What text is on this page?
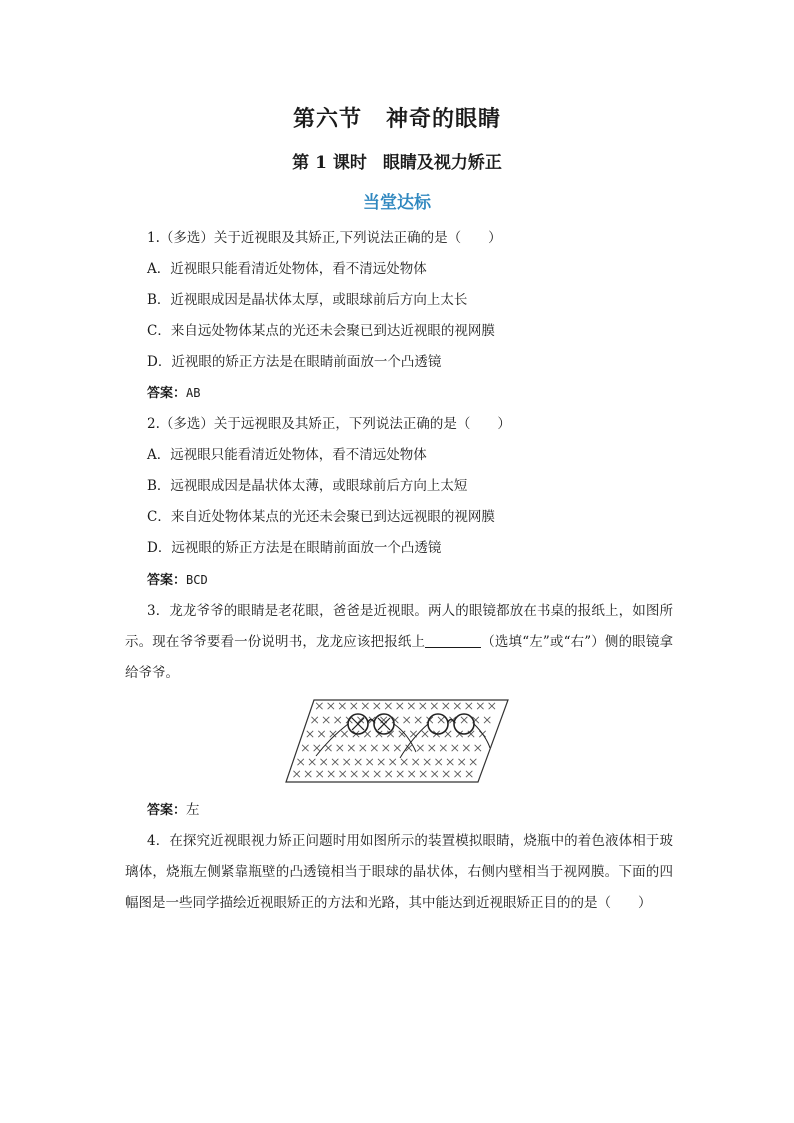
第六节 神奇的眼睛
第 1 课时 眼睛及视力矫正
当堂达标
1.（多选）关于近视眼及其矫正,下列说法正确的是（　　）
A．近视眼只能看清近处物体，看不清远处物体
B．近视眼成因是晶状体太厚，或眼球前后方向上太长
C．来自远处物体某点的光还未会聚已到达近视眼的视网膜
D．近视眼的矫正方法是在眼睛前面放一个凸透镜
答案：AB
2.（多选）关于远视眼及其矫正，下列说法正确的是（　　）
A．远视眼只能看清近处物体，看不清远处物体
B．远视眼成因是晶状体太薄，或眼球前后方向上太短
C．来自近处物体某点的光还未会聚已到达远视眼的视网膜
D．远视眼的矫正方法是在眼睛前面放一个凸透镜
答案：BCD
3．龙龙爷爷的眼睛是老花眼，爸爸是近视眼。两人的眼镜都放在书桌的报纸上，如图所示。现在爷爷要看一份说明书，龙龙应该把报纸上	（选填“左”或“右”）侧的眼镜拿给爷爷。
答案：左
4．在探究近视眼视力矫正问题时用如图所示的装置模拟眼睛，烧瓶中的着色液体相于玻璃体，烧瓶左侧紧靠瓶壁的凸透镜相当于眼球的晶状体，右侧内壁相当于视网膜。下面的四幅图是一些同学描绘近视眼矫正的方法和光路，其中能达到近视眼矫正目的的是（　　）
